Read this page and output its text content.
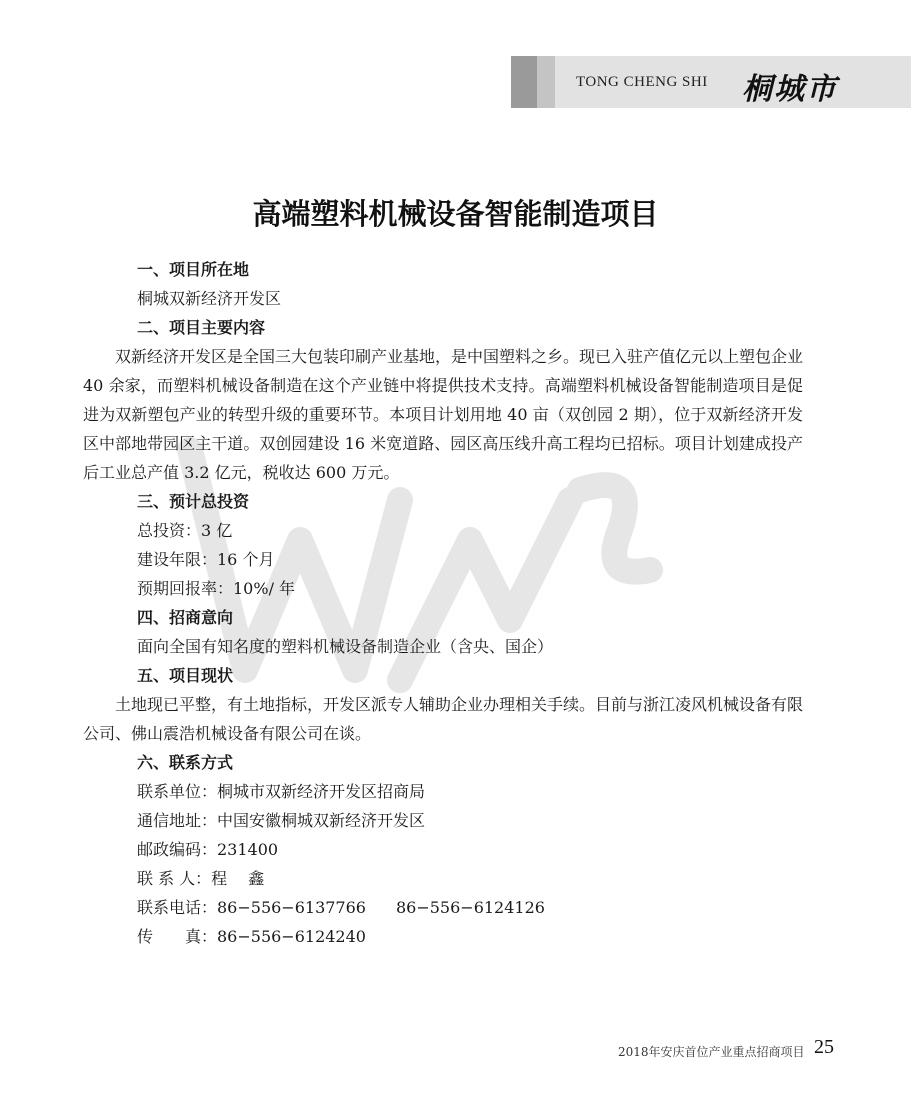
TONG CHENG SHI 桐城市
高端塑料机械设备智能制造项目
一、项目所在地
桐城双新经济开发区
二、项目主要内容

双新经济开发区是全国三大包装印刷产业基地，是中国塑料之乡。现已入驻产值亿元以上塑包企业 40 余家，而塑料机械设备制造在这个产业链中将提供技术支持。高端塑料机械设备智能制造项目是促进为双新塑包产业的转型升级的重要环节。本项目计划用地 40 亩（双创园 2 期），位于双新经济开发区中部地带园区主干道。双创园建设 16 米宽道路、园区高压线升高工程均已招标。项目计划建成投产后工业总产值 3.2 亿元，税收达 600 万元。

三、预计总投资
总投资：3 亿
建设年限：16 个月
预期回报率：10%/ 年
四、招商意向
面向全国有知名度的塑料机械设备制造企业（含央、国企）
五、项目现状

土地现已平整，有土地指标，开发区派专人辅助企业办理相关手续。目前与浙江凌风机械设备有限公司、佛山震浩机械设备有限公司在谈。

六、联系方式
联系单位：桐城市双新经济开发区招商局
通信地址：中国安徽桐城双新经济开发区
邮政编码：231400
联 系 人：程　 鑫
联系电话：86−556−6137766 86−556−6124126
传　　真：86−556−6124240
2018年安庆首位产业重点招商项目 25
